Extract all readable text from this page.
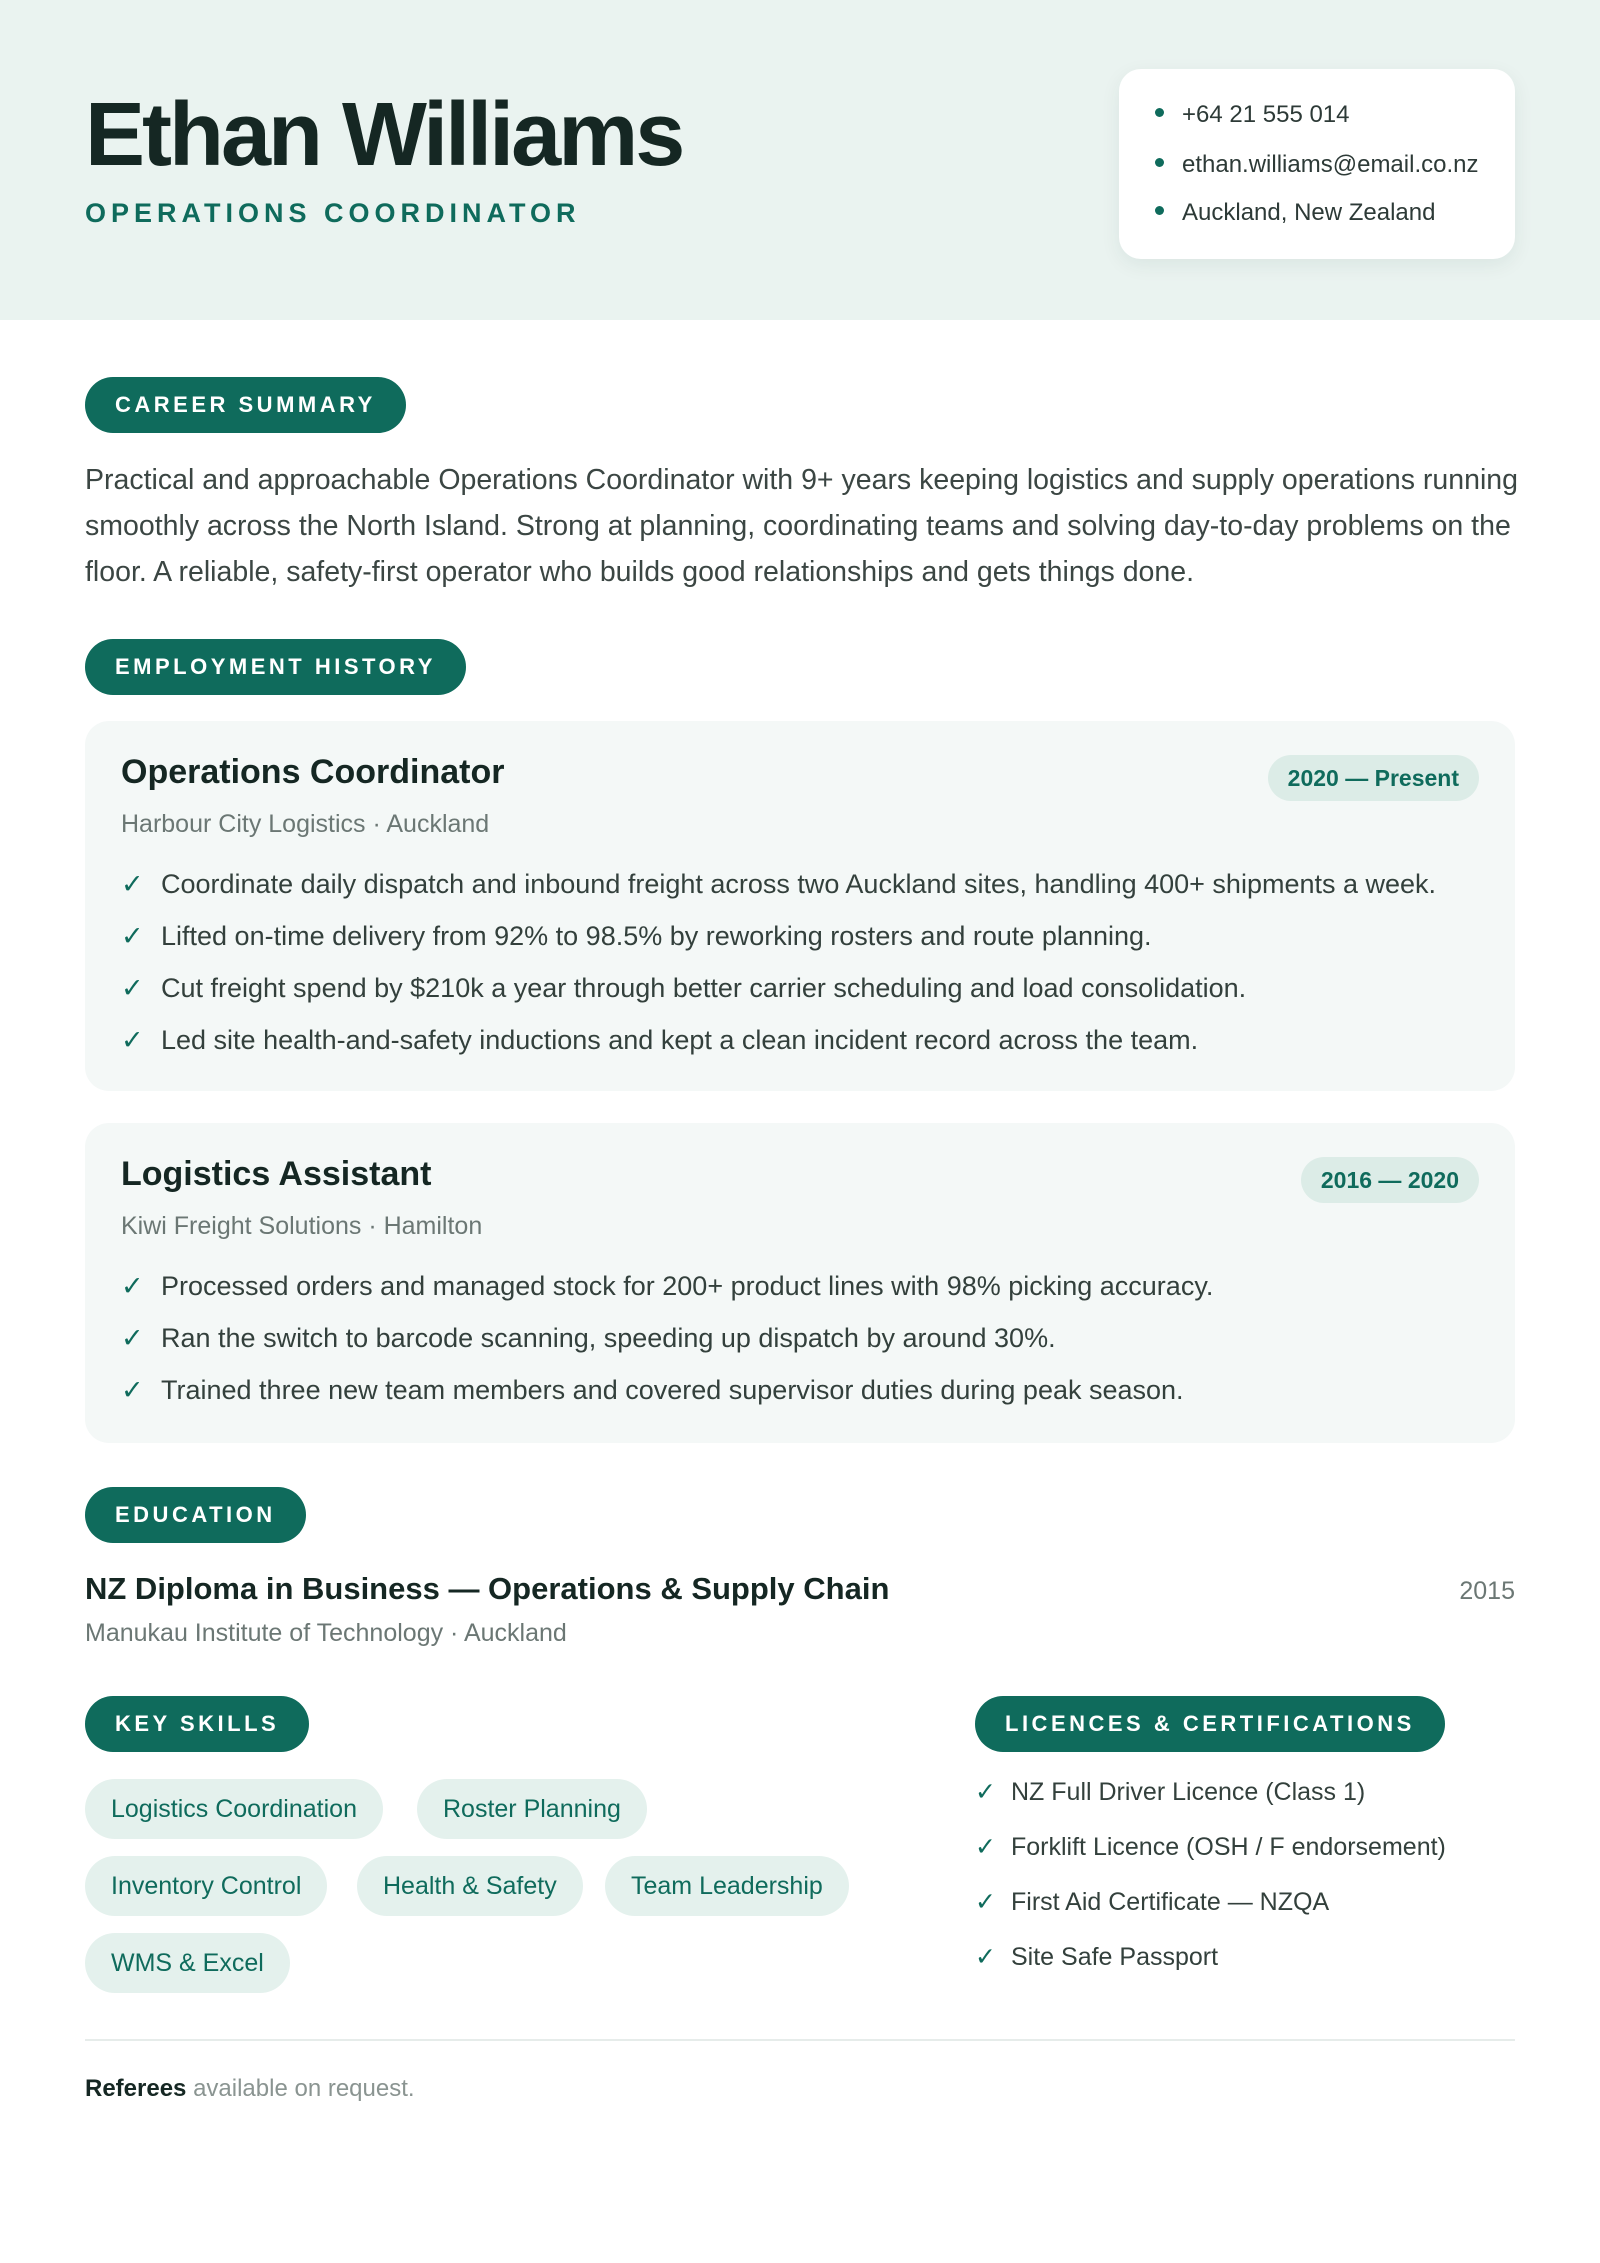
Ethan Williams
OPERATIONS COORDINATOR
+64 21 555 014
ethan.williams@email.co.nz
Auckland, New Zealand
CAREER SUMMARY
Practical and approachable Operations Coordinator with 9+ years keeping logistics and supply operations running smoothly across the North Island. Strong at planning, coordinating teams and solving day-to-day problems on the floor. A reliable, safety-first operator who builds good relationships and gets things done.
EMPLOYMENT HISTORY
Operations Coordinator	2020 — Present
Harbour City Logistics · Auckland
✓ Coordinate daily dispatch and inbound freight across two Auckland sites, handling 400+ shipments a week.
✓ Lifted on-time delivery from 92% to 98.5% by reworking rosters and route planning.
✓ Cut freight spend by $210k a year through better carrier scheduling and load consolidation.
✓ Led site health-and-safety inductions and kept a clean incident record across the team.
Logistics Assistant	2016 — 2020
Kiwi Freight Solutions · Hamilton
✓ Processed orders and managed stock for 200+ product lines with 98% picking accuracy.
✓ Ran the switch to barcode scanning, speeding up dispatch by around 30%.
✓ Trained three new team members and covered supervisor duties during peak season.
EDUCATION
NZ Diploma in Business — Operations & Supply Chain	2015
Manukau Institute of Technology · Auckland
KEY SKILLS
Logistics Coordination	Roster Planning
Inventory Control	Health & Safety	Team Leadership
WMS & Excel
LICENCES & CERTIFICATIONS
✓ NZ Full Driver Licence (Class 1)
✓ Forklift Licence (OSH / F endorsement)
✓ First Aid Certificate — NZQA
✓ Site Safe Passport
Referees available on request.
